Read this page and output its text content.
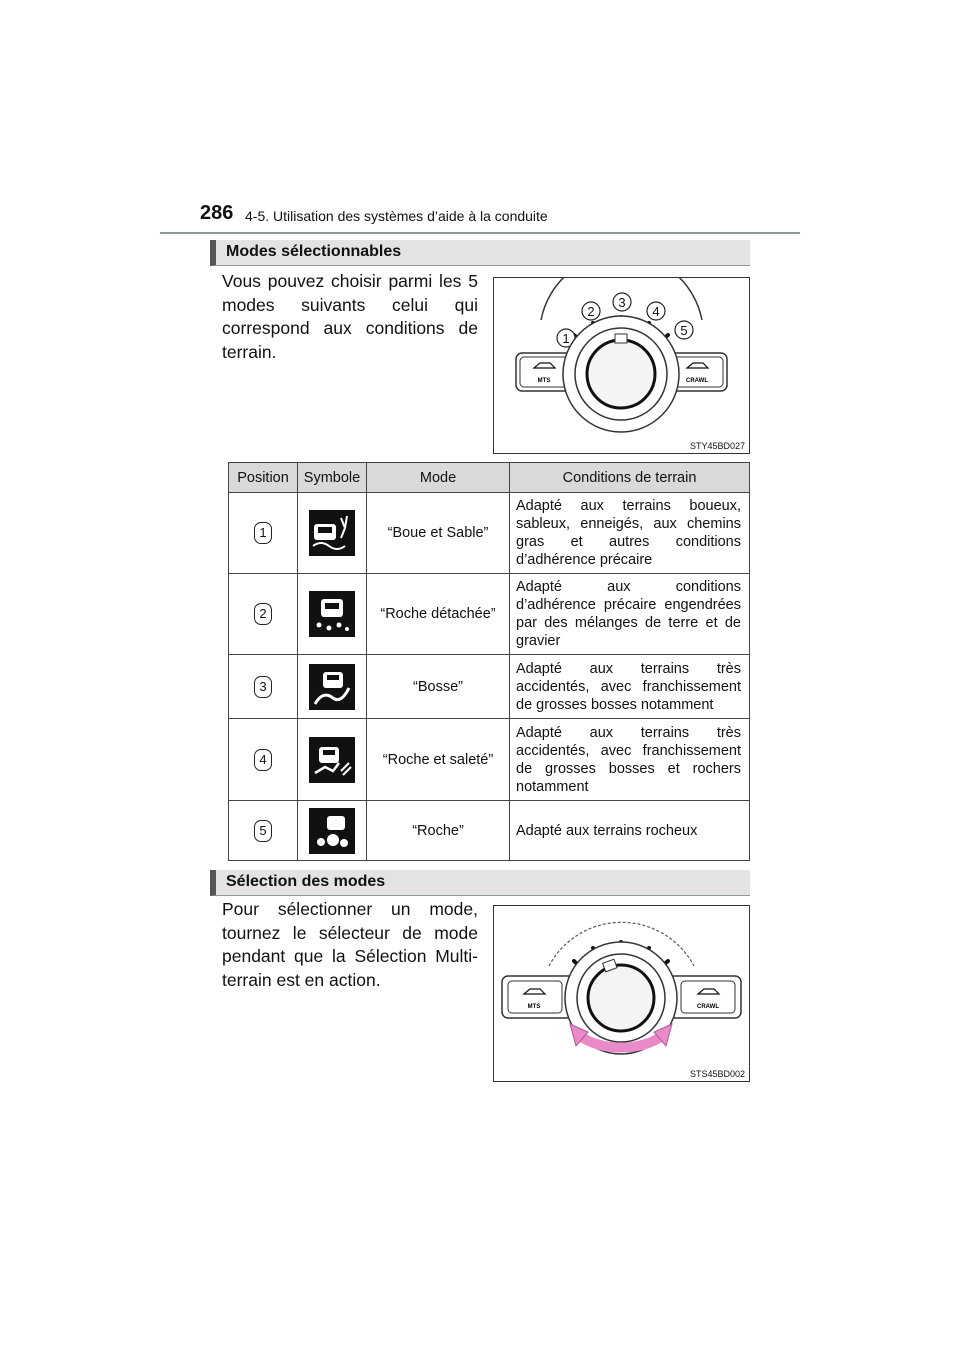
286 4-5. Utilisation des systèmes d’aide à la conduite
Modes sélectionnables
Vous pouvez choisir parmi les 5 modes suivants celui qui correspond aux conditions de terrain.
1
2
3
4
5
MTS	CRAWL
STY45BD027
Position	Symbole	Mode	Conditions de terrain
1		“Boue et Sable”	Adapté aux terrains boueux, sableux, enneigés, aux chemins gras et autres conditions d’adhérence précaire
2		“Roche détachée”	Adapté aux conditions d’adhérence précaire engendrées par des mélanges de terre et de gravier
3		“Bosse”	Adapté aux terrains très accidentés, avec franchissement de grosses bosses notamment
4		“Roche et saleté”	Adapté aux terrains très accidentés, avec franchissement de grosses bosses et rochers notamment
5		“Roche”	Adapté aux terrains rocheux
Sélection des modes
Pour sélectionner un mode, tournez le sélecteur de mode pendant que la Sélection Multi-terrain est en action.
MTS	CRAWL
STS45BD002
